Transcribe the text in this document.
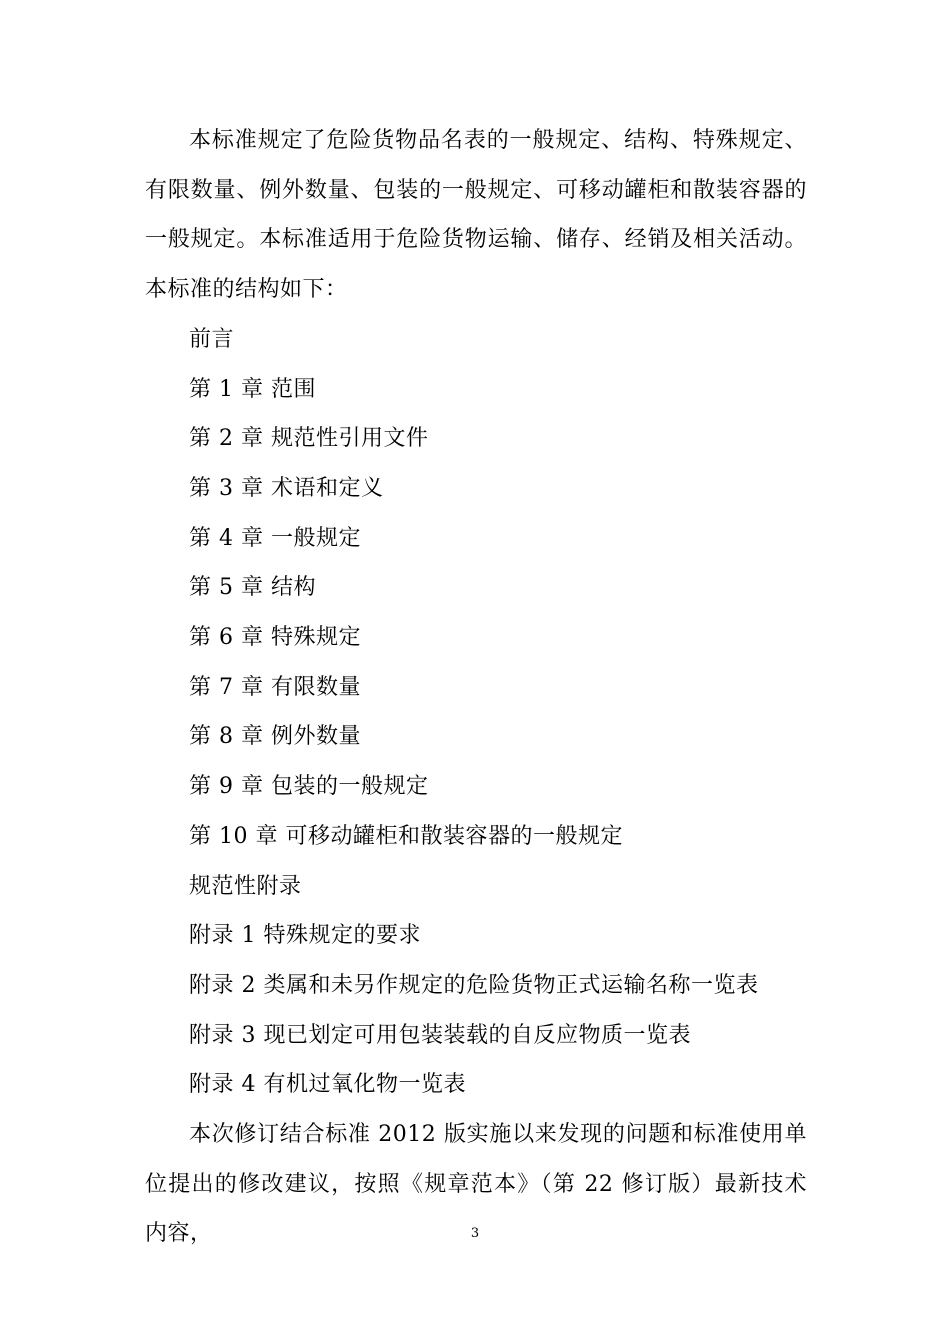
本标准规定了危险货物品名表的一般规定、结构、特殊规定、有限数量、例外数量、包装的一般规定、可移动罐柜和散装容器的一般规定。本标准适用于危险货物运输、储存、经销及相关活动。本标准的结构如下：

前言
第 1 章 范围
第 2 章 规范性引用文件
第 3 章 术语和定义
第 4 章 一般规定
第 5 章 结构
第 6 章 特殊规定
第 7 章 有限数量
第 8 章 例外数量
第 9 章 包装的一般规定
第 10 章 可移动罐柜和散装容器的一般规定
规范性附录
附录 1 特殊规定的要求
附录 2 类属和未另作规定的危险货物正式运输名称一览表
附录 3 现已划定可用包装装载的自反应物质一览表
附录 4 有机过氧化物一览表

本次修订结合标准 2012 版实施以来发现的问题和标准使用单位提出的修改建议，按照《规章范本》（第 22 修订版）最新技术内容，	3
